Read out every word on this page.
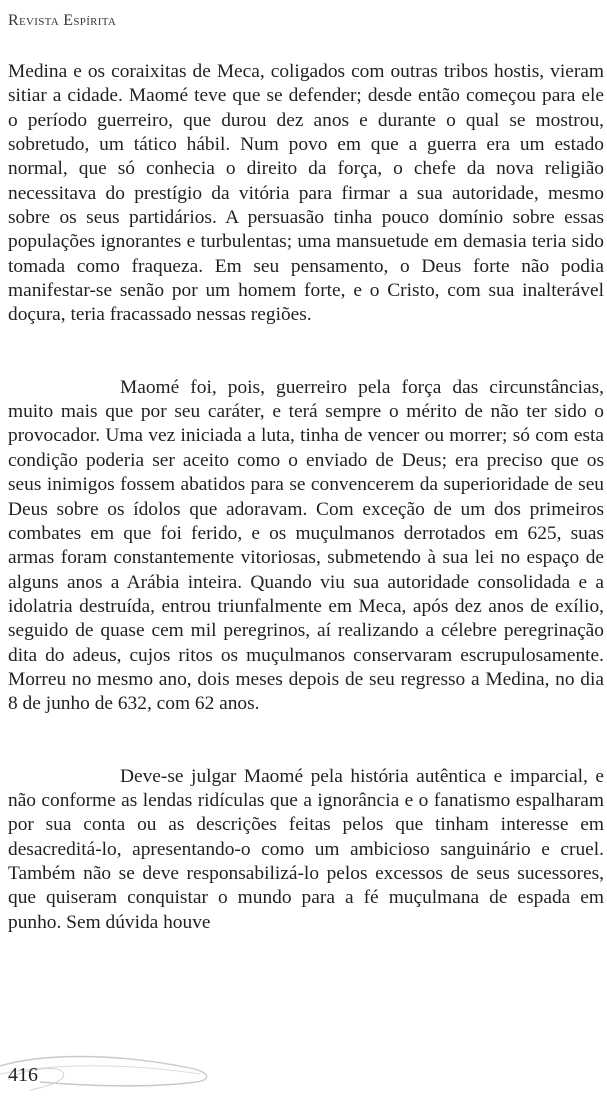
Revista Espírita

Medina e os coraixitas de Meca, coligados com outras tribos hostis, vieram sitiar a cidade. Maomé teve que se defender; desde então começou para ele o período guerreiro, que durou dez anos e durante o qual se mostrou, sobretudo, um tático hábil. Num povo em que a guerra era um estado normal, que só conhecia o direito da força, o chefe da nova religião necessitava do prestígio da vitória para firmar a sua autoridade, mesmo sobre os seus partidários. A persuasão tinha pouco domínio sobre essas populações ignorantes e turbulentas; uma mansuetude em demasia teria sido tomada como fraqueza. Em seu pensamento, o Deus forte não podia manifestar-se senão por um homem forte, e o Cristo, com sua inalterável doçura, teria fracassado nessas regiões.

Maomé foi, pois, guerreiro pela força das circunstâncias, muito mais que por seu caráter, e terá sempre o mérito de não ter sido o provocador. Uma vez iniciada a luta, tinha de vencer ou morrer; só com esta condição poderia ser aceito como o enviado de Deus; era preciso que os seus inimigos fossem abatidos para se convencerem da superioridade de seu Deus sobre os ídolos que adoravam. Com exceção de um dos primeiros combates em que foi ferido, e os muçulmanos derrotados em 625, suas armas foram constantemente vitoriosas, submetendo à sua lei no espaço de alguns anos a Arábia inteira. Quando viu sua autoridade consolidada e a idolatria destruída, entrou triunfalmente em Meca, após dez anos de exílio, seguido de quase cem mil peregrinos, aí realizando a célebre peregrinação dita do adeus, cujos ritos os muçulmanos conservaram escrupulosamente. Morreu no mesmo ano, dois meses depois de seu regresso a Medina, no dia 8 de junho de 632, com 62 anos.

Deve-se julgar Maomé pela história autêntica e imparcial, e não conforme as lendas ridículas que a ignorância e o fanatismo espalharam por sua conta ou as descrições feitas pelos que tinham interesse em desacreditá-lo, apresentando-o como um ambicioso sanguinário e cruel. Também não se deve responsabilizá-lo pelos excessos de seus sucessores, que quiseram conquistar o mundo para a fé muçulmana de espada em punho. Sem dúvida houve

416
